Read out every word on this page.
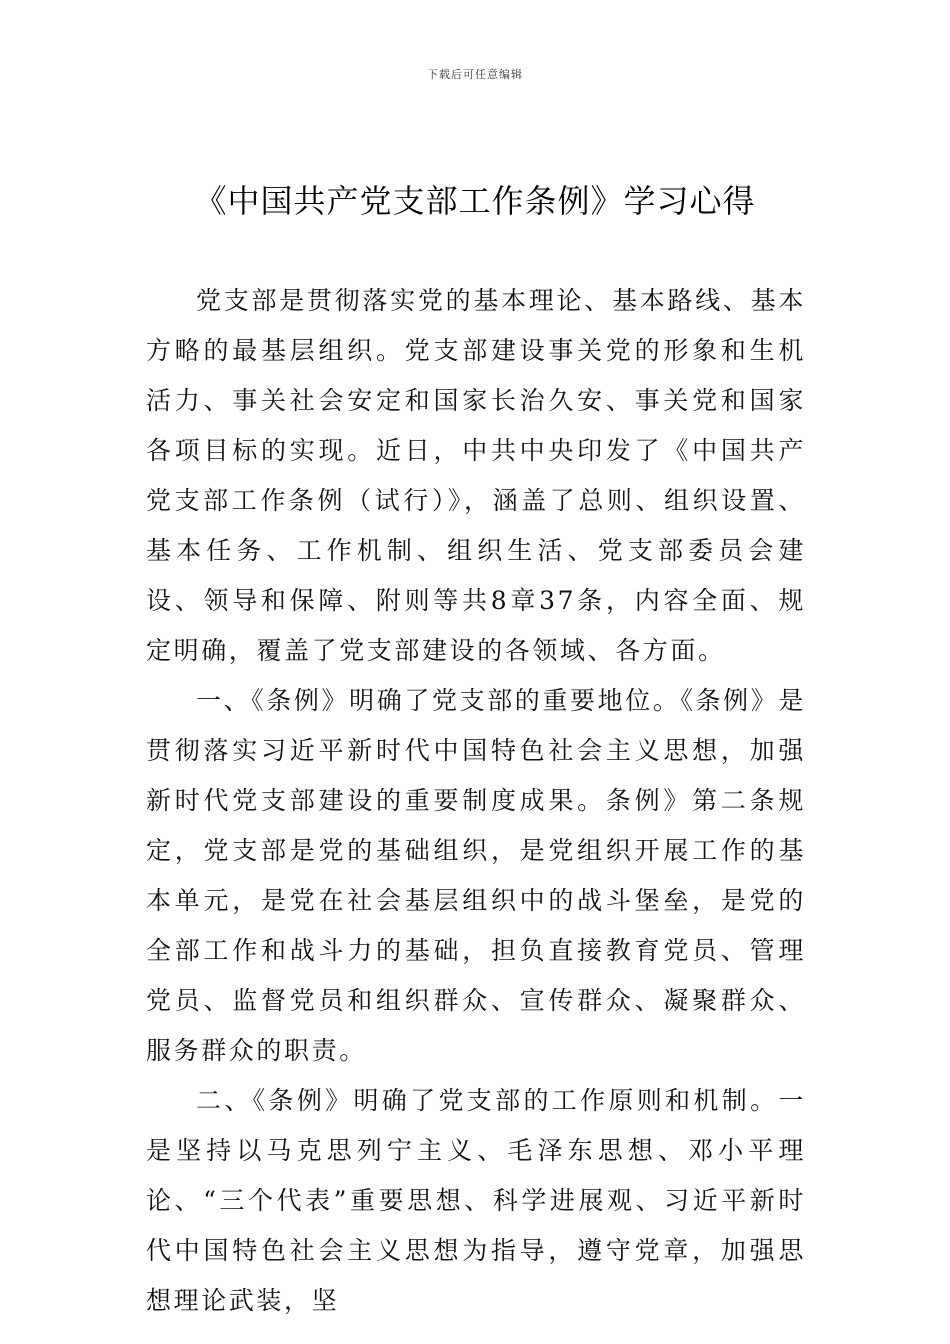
下载后可任意编辑
《中国共产党支部工作条例》学习心得

党支部是贯彻落实党的基本理论、基本路线、基本方略的最基层组织。党支部建设事关党的形象和生机活力、事关社会安定和国家长治久安、事关党和国家各项目标的实现。近日，中共中央印发了《中国共产党支部工作条例（试行）》，涵盖了总则、组织设置、基本任务、工作机制、组织生活、党支部委员会建设、领导和保障、附则等共8章37条，内容全面、规定明确，覆盖了党支部建设的各领域、各方面。

一、《条例》明确了党支部的重要地位。《条例》是贯彻落实习近平新时代中国特色社会主义思想，加强新时代党支部建设的重要制度成果。条例》第二条规定，党支部是党的基础组织，是党组织开展工作的基本单元，是党在社会基层组织中的战斗堡垒，是党的全部工作和战斗力的基础，担负直接教育党员、管理党员、监督党员和组织群众、宣传群众、凝聚群众、服务群众的职责。

二、《条例》明确了党支部的工作原则和机制。一是坚持以马克思列宁主义、毛泽东思想、邓小平理论、“三个代表”重要思想、科学进展观、习近平新时代中国特色社会主义思想为指导，遵守党章，加强思想理论武装，坚
